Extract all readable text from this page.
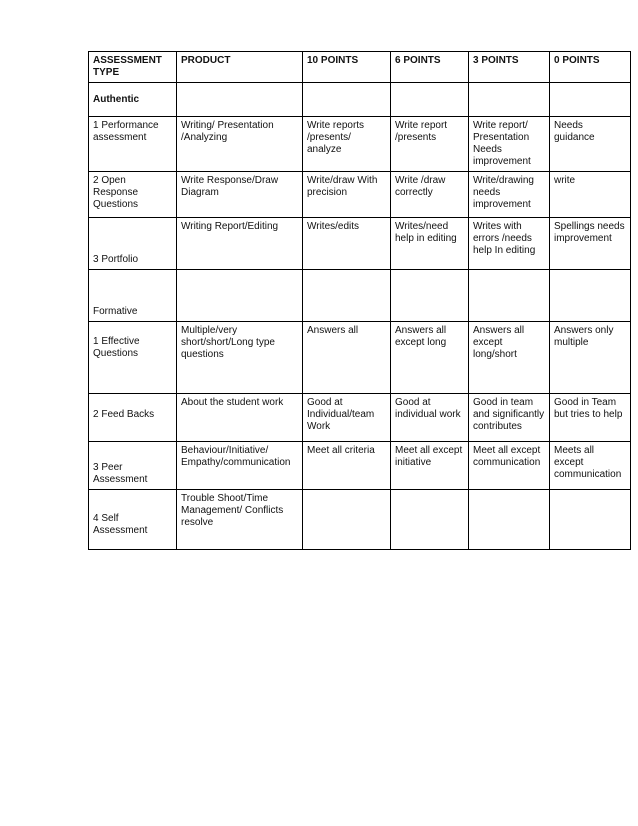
ASSESSMENT TYPE	PRODUCT	10 POINTS	6 POINTS	3 POINTS	0 POINTS
Authentic					
1 Performance assessment	Writing/ Presentation /Analyzing	Write reports /presents/ analyze	Write report /presents	Write report/ Presentation Needs improvement	Needs guidance
2 Open Response Questions	Write Response/Draw Diagram	Write/draw With precision	Write /draw correctly	Write/drawing needs improvement	write
3 Portfolio	Writing Report/Editing	Writes/edits	Writes/need help in editing	Writes with errors /needs help In editing	Spellings needs improvement
Formative					
1 Effective Questions	Multiple/very short/short/Long type questions	Answers all	Answers all except long	Answers all except long/short	Answers only multiple
2 Feed Backs	About the student work	Good at Individual/team Work	Good at individual work	Good in team and significantly contributes	Good in Team but tries to help
3 Peer Assessment	Behaviour/Initiative/ Empathy/communication	Meet all criteria	Meet all except initiative	Meet all except communication	Meets all except communication
4 Self Assessment	Trouble Shoot/Time Management/ Conflicts resolve				
